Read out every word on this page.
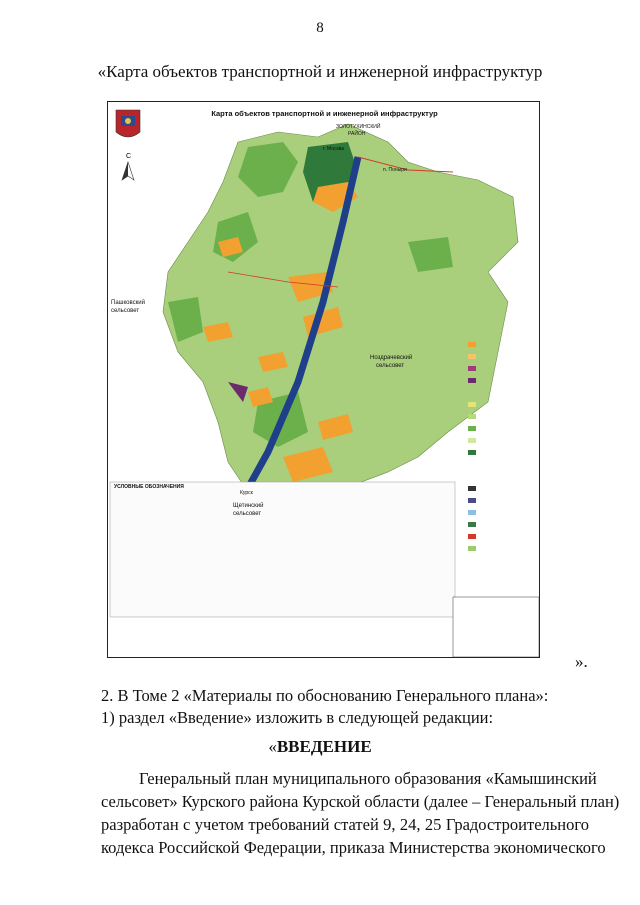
8
«Карта объектов транспортной и инженерной инфраструктур
С
Карта объектов транспортной и инженерной инфраструктур
ЗОЛОТУХИНСКИЙ
РАЙОН
г. Москва
п. Поныри
Пашковский
сельсовет
Ноздрачевский
сельсовет
Щетинский
сельсовет
Курск
УСЛОВНЫЕ ОБОЗНАЧЕНИЯ
».
2. В Томе 2 «Материалы по обоснованию Генерального плана»:
1) раздел «Введение» изложить в следующей редакции:
«ВВЕДЕНИЕ
Генеральный план муниципального образования «Камышинский
сельсовет» Курского района Курской области (далее – Генеральный план)
разработан с учетом требований статей 9, 24, 25 Градостроительного
кодекса Российской Федерации, приказа Министерства экономического
